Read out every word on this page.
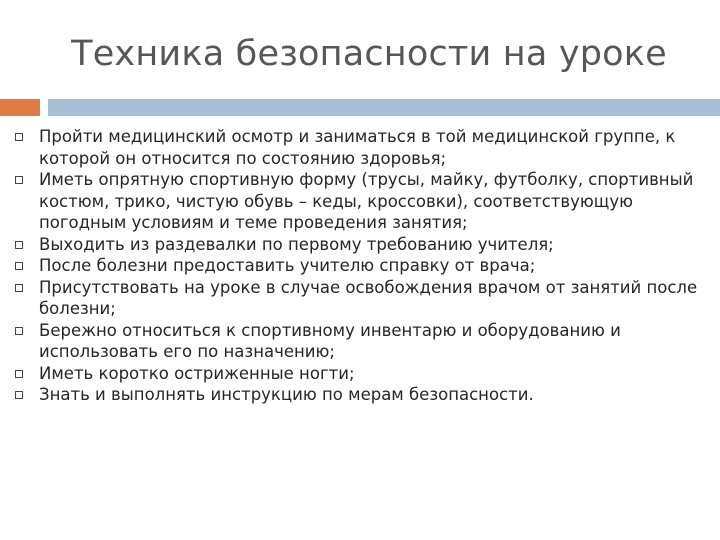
Техника безопасности на уроке
Пройти медицинский осмотр и заниматься в той медицинской группе, к которой он относится по состоянию здоровья;
Иметь опрятную спортивную форму (трусы, майку, футболку, спортивный костюм, трико, чистую обувь – кеды, кроссовки), соответствующую погодным условиям и теме проведения занятия;
Выходить из раздевалки по первому требованию учителя;
После болезни предоставить учителю справку от врача;
Присутствовать на уроке в случае освобождения врачом от занятий после болезни;
Бережно относиться к спортивному инвентарю и оборудованию и использовать его по назначению;
Иметь коротко остриженные ногти;
Знать и выполнять инструкцию по мерам безопасности.
